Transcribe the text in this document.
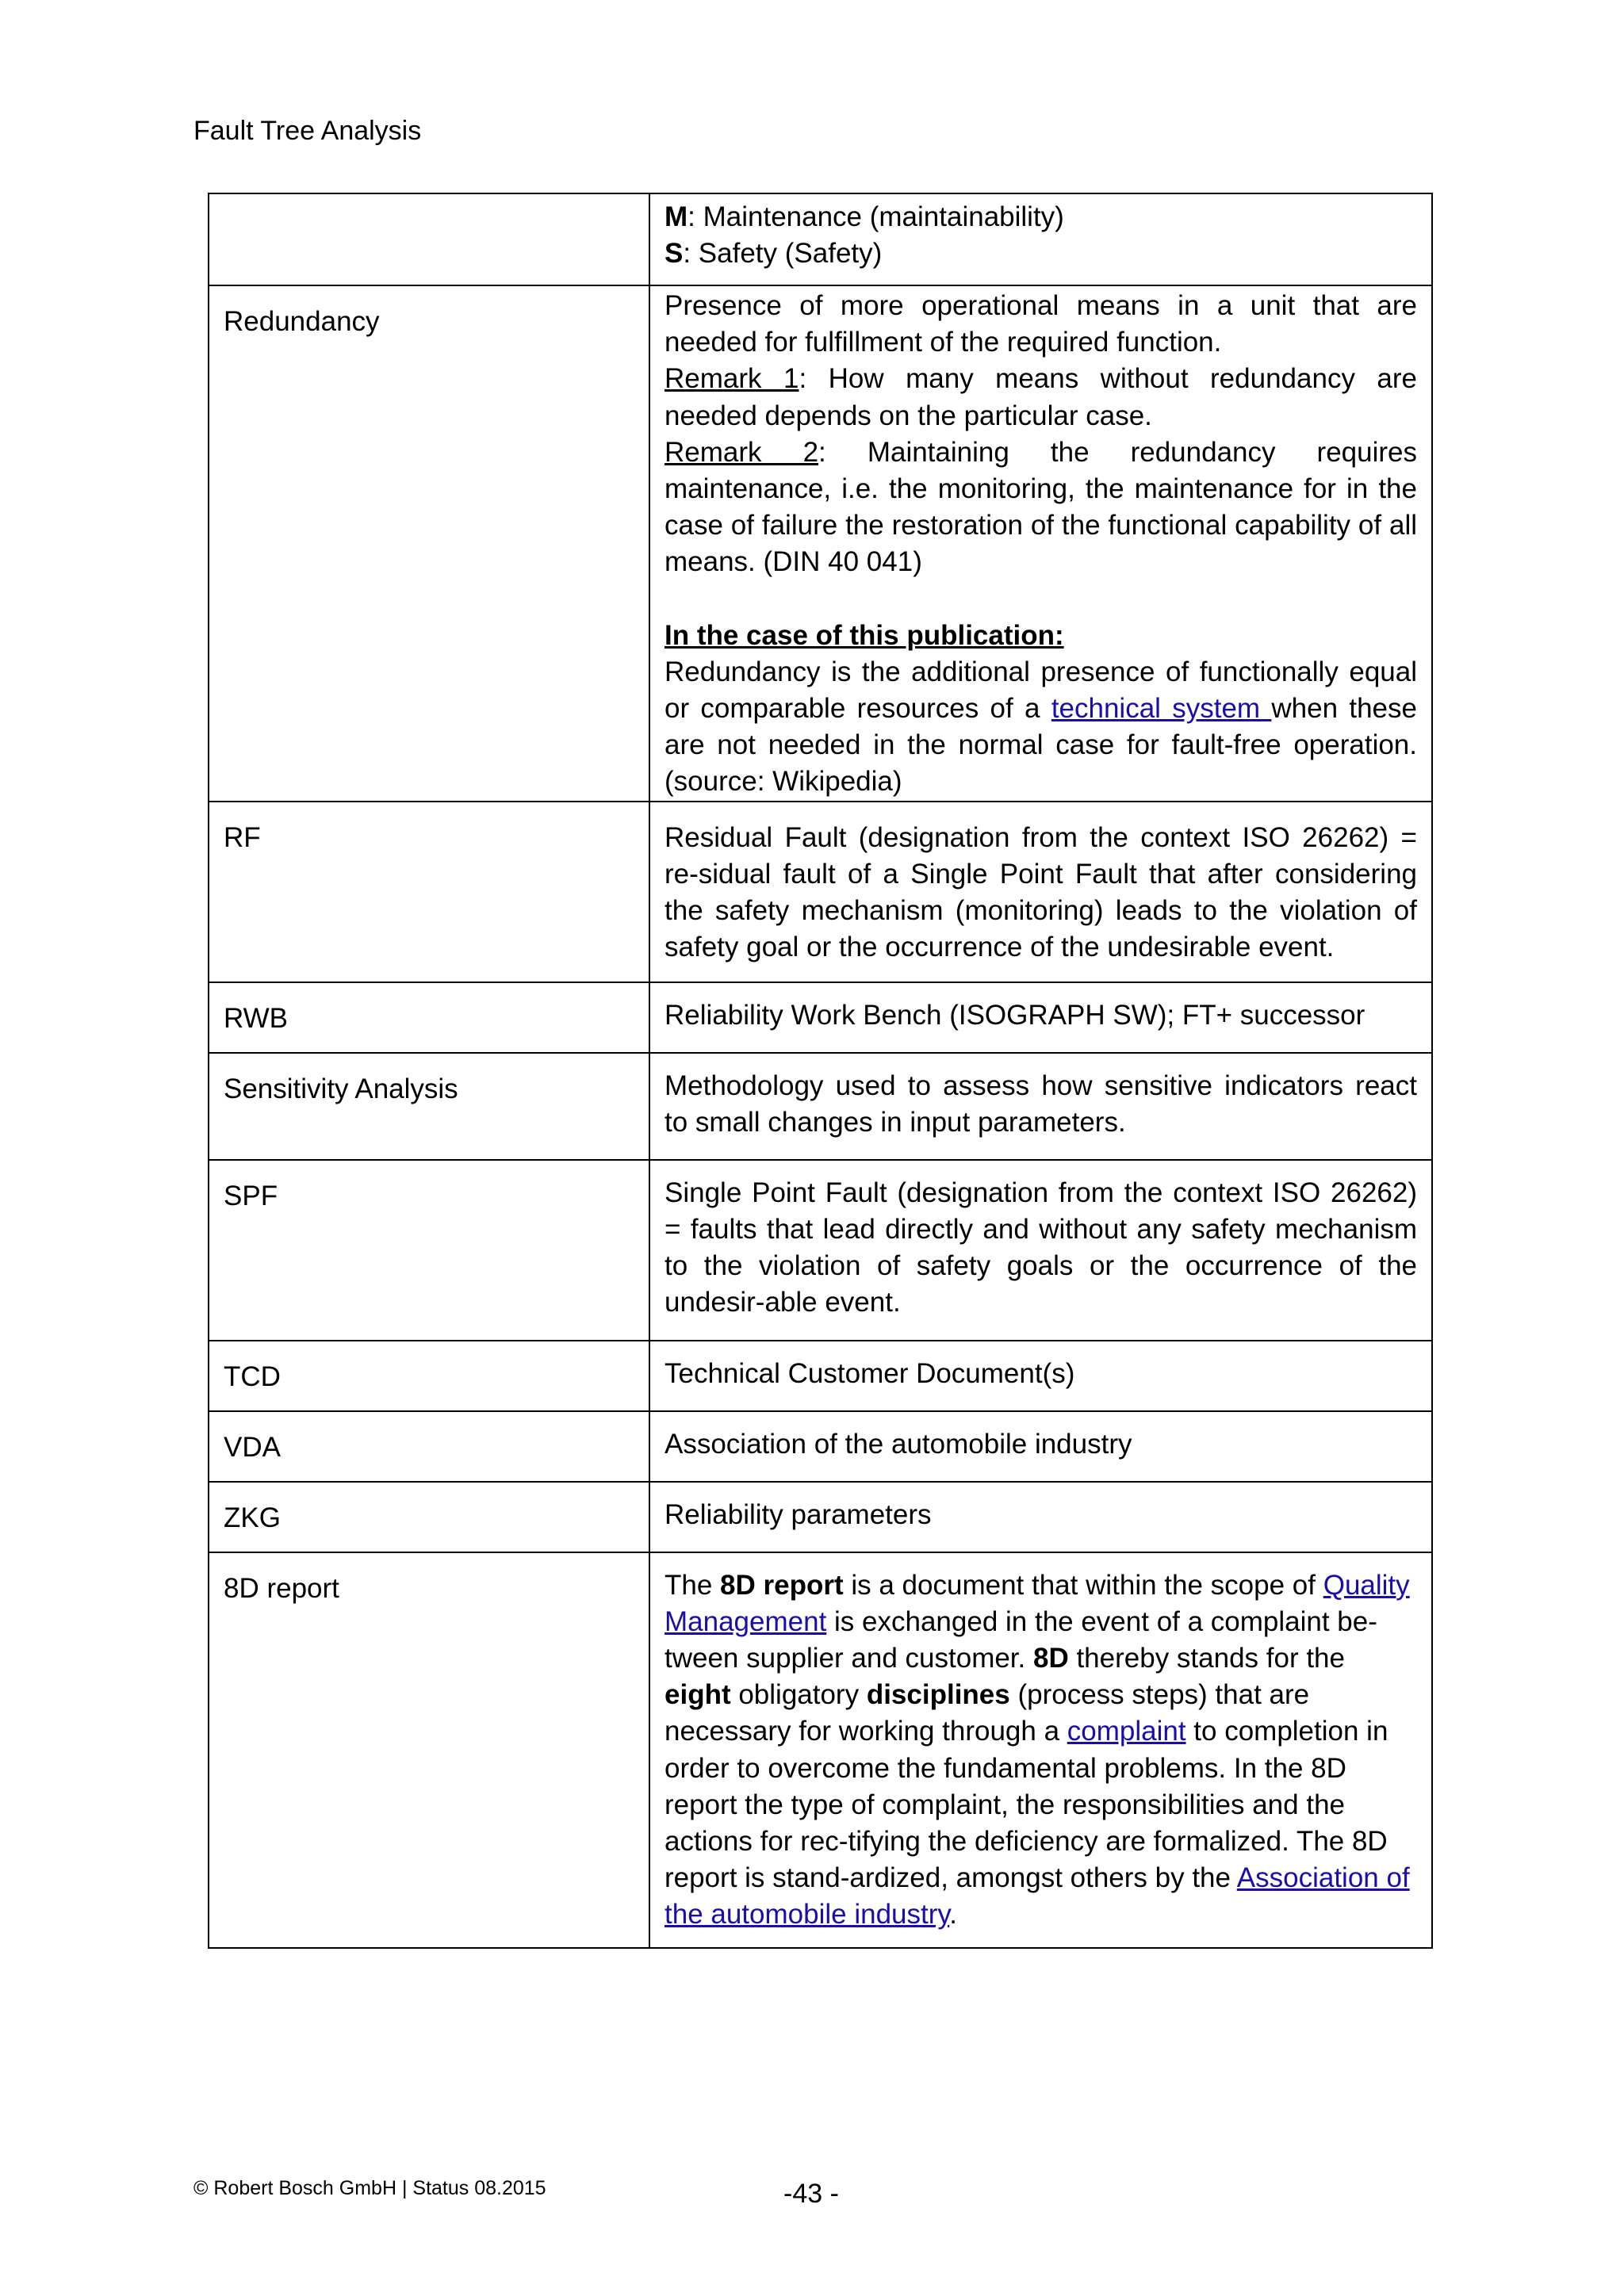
Fault Tree Analysis

	M: Maintenance (maintainability)

S: Safety (Safety)

Redundancy	Presence of more operational means in a unit that are needed for fulfillment of the required function.

Remark 1: How many means without redundancy are needed depends on the particular case.

Remark 2: Maintaining the redundancy requires maintenance, i.e. the monitoring, the maintenance for in the case of failure the restoration of the functional capability of all means. (DIN 40 041)

In the case of this publication:

Redundancy is the additional presence of functionally equal or comparable resources of a technical system when these are not needed in the normal case for fault-free operation. (source: Wikipedia)

RF	Residual Fault (designation from the context ISO 26262) = re-sidual fault of a Single Point Fault that after considering the safety mechanism (monitoring) leads to the violation of safety goal or the occurrence of the undesirable event.

RWB	Reliability Work Bench (ISOGRAPH SW); FT+ successor

Sensitivity Analysis	Methodology used to assess how sensitive indicators react to small changes in input parameters.

SPF	Single Point Fault (designation from the context ISO 26262) = faults that lead directly and without any safety mechanism to the violation of safety goals or the occurrence of the undesir-able event.

TCD	Technical Customer Document(s)

VDA	Association of the automobile industry

ZKG	Reliability parameters

8D report	The 8D report is a document that within the scope of Quality Management is exchanged in the event of a complaint be-tween supplier and customer. 8D thereby stands for the eight obligatory disciplines (process steps) that are necessary for working through a complaint to completion in order to overcome the fundamental problems. In the 8D report the type of complaint, the responsibilities and the actions for rec-tifying the deficiency are formalized. The 8D report is stand-ardized, amongst others by the Association of the automobile industry.

© Robert Bosch GmbH | Status 08.2015	-43 -
